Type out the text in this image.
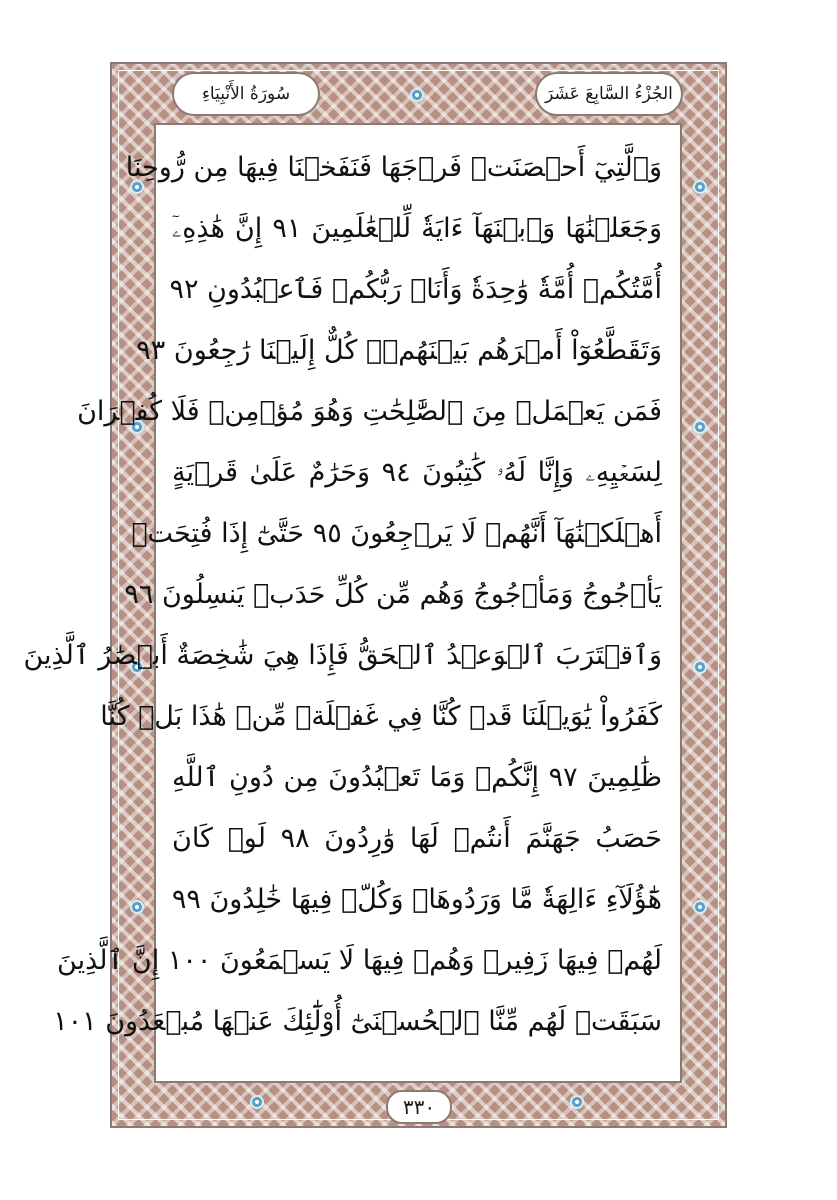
الجُزْءُ السَّابِعَ عَشَرَ
سُورَةُ الأَنْبِيَاءِ
وَٱلَّتِيٓ أَحۡصَنَتۡ فَرۡجَهَا فَنَفَخۡنَا فِيهَا مِن رُّوحِنَا
وَجَعَلۡنَٰهَا وَٱبۡنَهَآ ءَايَةٗ لِّلۡعَٰلَمِينَ ٩١ إِنَّ هَٰذِهِۦٓ
أُمَّتُكُمۡ أُمَّةٗ وَٰحِدَةٗ وَأَنَا۠ رَبُّكُمۡ فَٱعۡبُدُونِ ٩٢
وَتَقَطَّعُوٓاْ أَمۡرَهُم بَيۡنَهُمۡۖ كُلٌّ إِلَيۡنَا رَٰجِعُونَ ٩٣
فَمَن يَعۡمَلۡ مِنَ ٱلصَّٰلِحَٰتِ وَهُوَ مُؤۡمِنٞ فَلَا كُفۡرَانَ
لِسَعۡيِهِۦ وَإِنَّا لَهُۥ كَٰتِبُونَ ٩٤ وَحَرَٰمٌ عَلَىٰ قَرۡيَةٍ
أَهۡلَكۡنَٰهَآ أَنَّهُمۡ لَا يَرۡجِعُونَ ٩٥ حَتَّىٰٓ إِذَا فُتِحَتۡ
يَأۡجُوجُ وَمَأۡجُوجُ وَهُم مِّن كُلِّ حَدَبٖ يَنسِلُونَ ٩٦
وَٱقۡتَرَبَ ٱلۡوَعۡدُ ٱلۡحَقُّ فَإِذَا هِيَ شَٰخِصَةٌ أَبۡصَٰرُ ٱلَّذِينَ
كَفَرُواْ يَٰوَيۡلَنَا قَدۡ كُنَّا فِي غَفۡلَةٖ مِّنۡ هَٰذَا بَلۡ كُنَّا
ظَٰلِمِينَ ٩٧ إِنَّكُمۡ وَمَا تَعۡبُدُونَ مِن دُونِ ٱللَّهِ
حَصَبُ جَهَنَّمَ أَنتُمۡ لَهَا وَٰرِدُونَ ٩٨ لَوۡ كَانَ
هَٰٓؤُلَآءِ ءَالِهَةٗ مَّا وَرَدُوهَاۖ وَكُلّٞ فِيهَا خَٰلِدُونَ ٩٩
لَهُمۡ فِيهَا زَفِيرٞ وَهُمۡ فِيهَا لَا يَسۡمَعُونَ ١٠٠ إِنَّ ٱلَّذِينَ
سَبَقَتۡ لَهُم مِّنَّا ٱلۡحُسۡنَىٰٓ أُوْلَٰٓئِكَ عَنۡهَا مُبۡعَدُونَ ١٠١
٣٣٠
